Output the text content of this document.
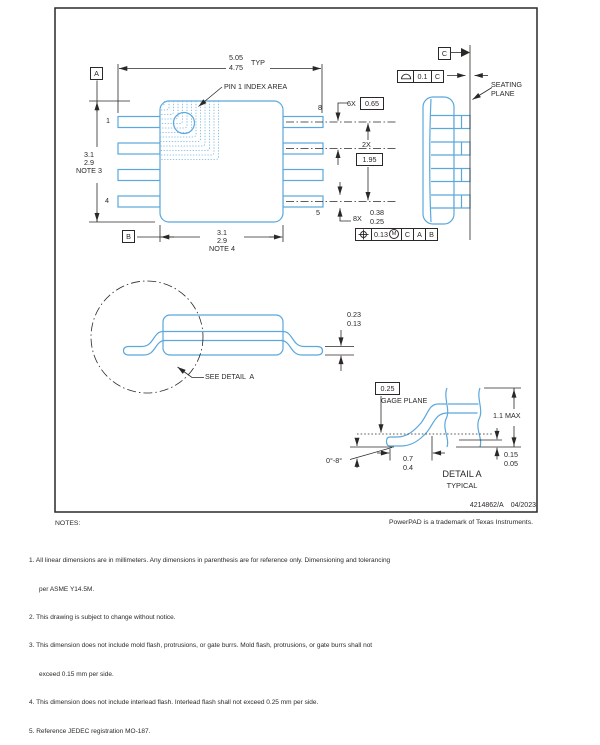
A
5.05
4.75
TYP
PIN 1 INDEX AREA
1
4
8
5
3.1
2.9
NOTE 3
B	3.1
2.9
NOTE 4
6X	0.65
2X
1.95
8X
0.38
0.25
0.13 M	C A	B
C
0.1	C
SEATING
PLANE
SEE DETAIL  A
0.23
0.13
0.25
GAGE PLANE
1.1 MAX
0.7
0.4
0°-8°
0.15
0.05
DETAIL A
TYPICAL
4214862/A 04/2023
PowerPAD is a trademark of Texas Instruments.
NOTES:

1. All linear dimensions are in millimeters. Any dimensions in parenthesis are for reference only. Dimensioning and tolerancing

per ASME Y14.5M.

2. This drawing is subject to change without notice.

3. This dimension does not include mold flash, protrusions, or gate burrs. Mold flash, protrusions, or gate burrs shall not

exceed 0.15 mm per side.

4. This dimension does not include interlead flash. Interlead flash shall not exceed 0.25 mm per side.

5. Reference JEDEC registration MO-187.
